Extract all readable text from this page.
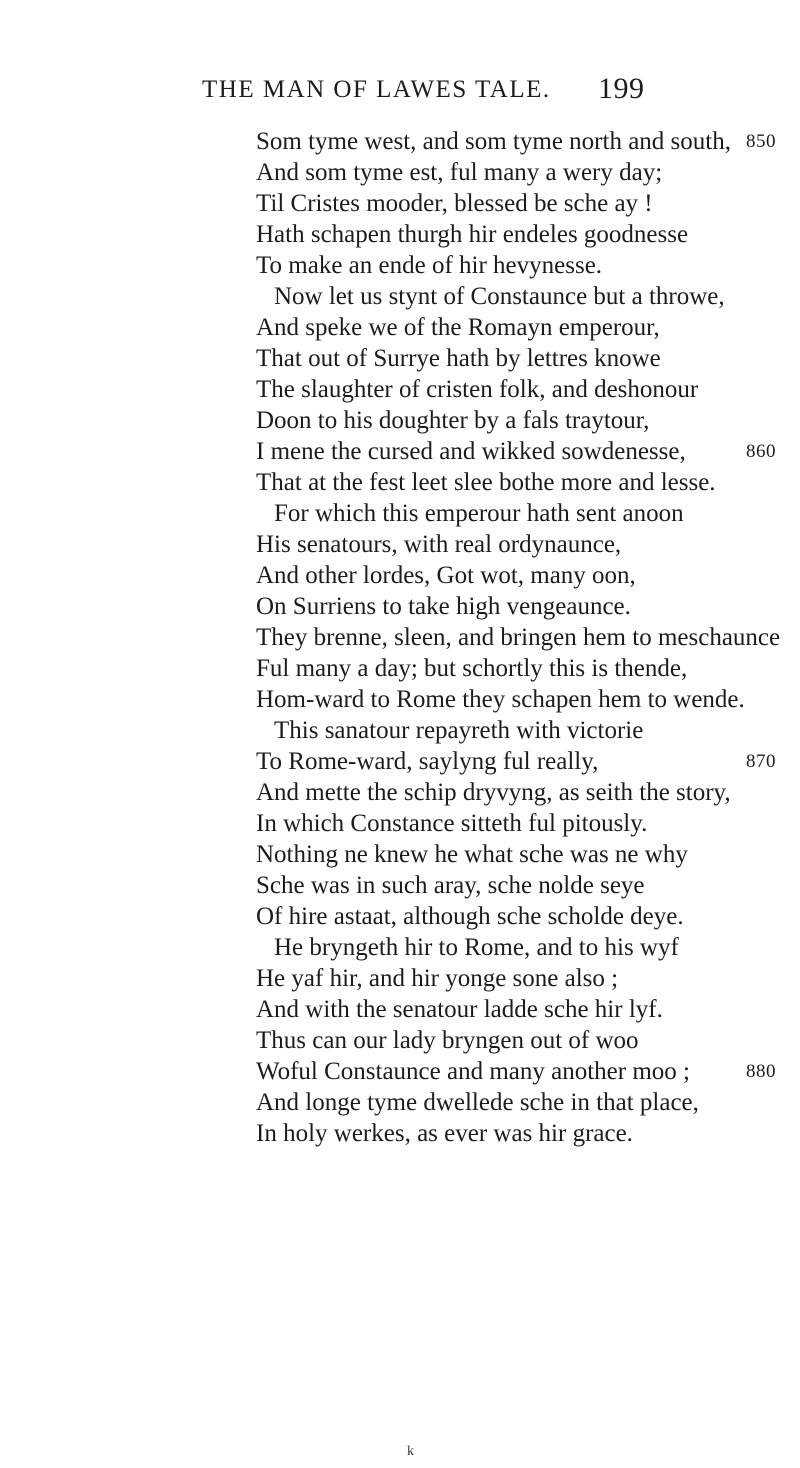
THE MAN OF LAWES TALE. 199
Som tyme west, and som tyme north and south, 850
And som tyme est, ful many a wery day;
Til Cristes mooder, blessed be sche ay !
Hath schapen thurgh hir endeles goodnesse
To make an ende of hir hevynesse.
Now let us stynt of Constaunce but a throwe,
And speke we of the Romayn emperour,
That out of Surrye hath by lettres knowe
The slaughter of cristen folk, and deshonour
Doon to his doughter by a fals traytour,
I mene the cursed and wikked sowdenesse,	860
That at the fest leet slee bothe more and lesse.
For which this emperour hath sent anoon
His senatours, with real ordynaunce,
And other lordes, Got wot, many oon,
On Surriens to take high vengeaunce.
They brenne, sleen, and bringen hem to meschaunce
Ful many a day; but schortly this is thende,
Hom-ward to Rome they schapen hem to wende.
This sanatour repayreth with victorie
To Rome-ward, saylyng ful really,	870
And mette the schip dryvyng, as seith the story,
In which Constance sitteth ful pitously.
Nothing ne knew he what sche was ne why
Sche was in such aray, sche nolde seye
Of hire astaat, although sche scholde deye.
He bryngeth hir to Rome, and to his wyf
He yaf hir, and hir yonge sone also ;
And with the senatour ladde sche hir lyf.
Thus can our lady bryngen out of woo
Woful Constaunce and many another moo ;	880
And longe tyme dwellede sche in that place,
In holy werkes, as ever was hir grace.
k
